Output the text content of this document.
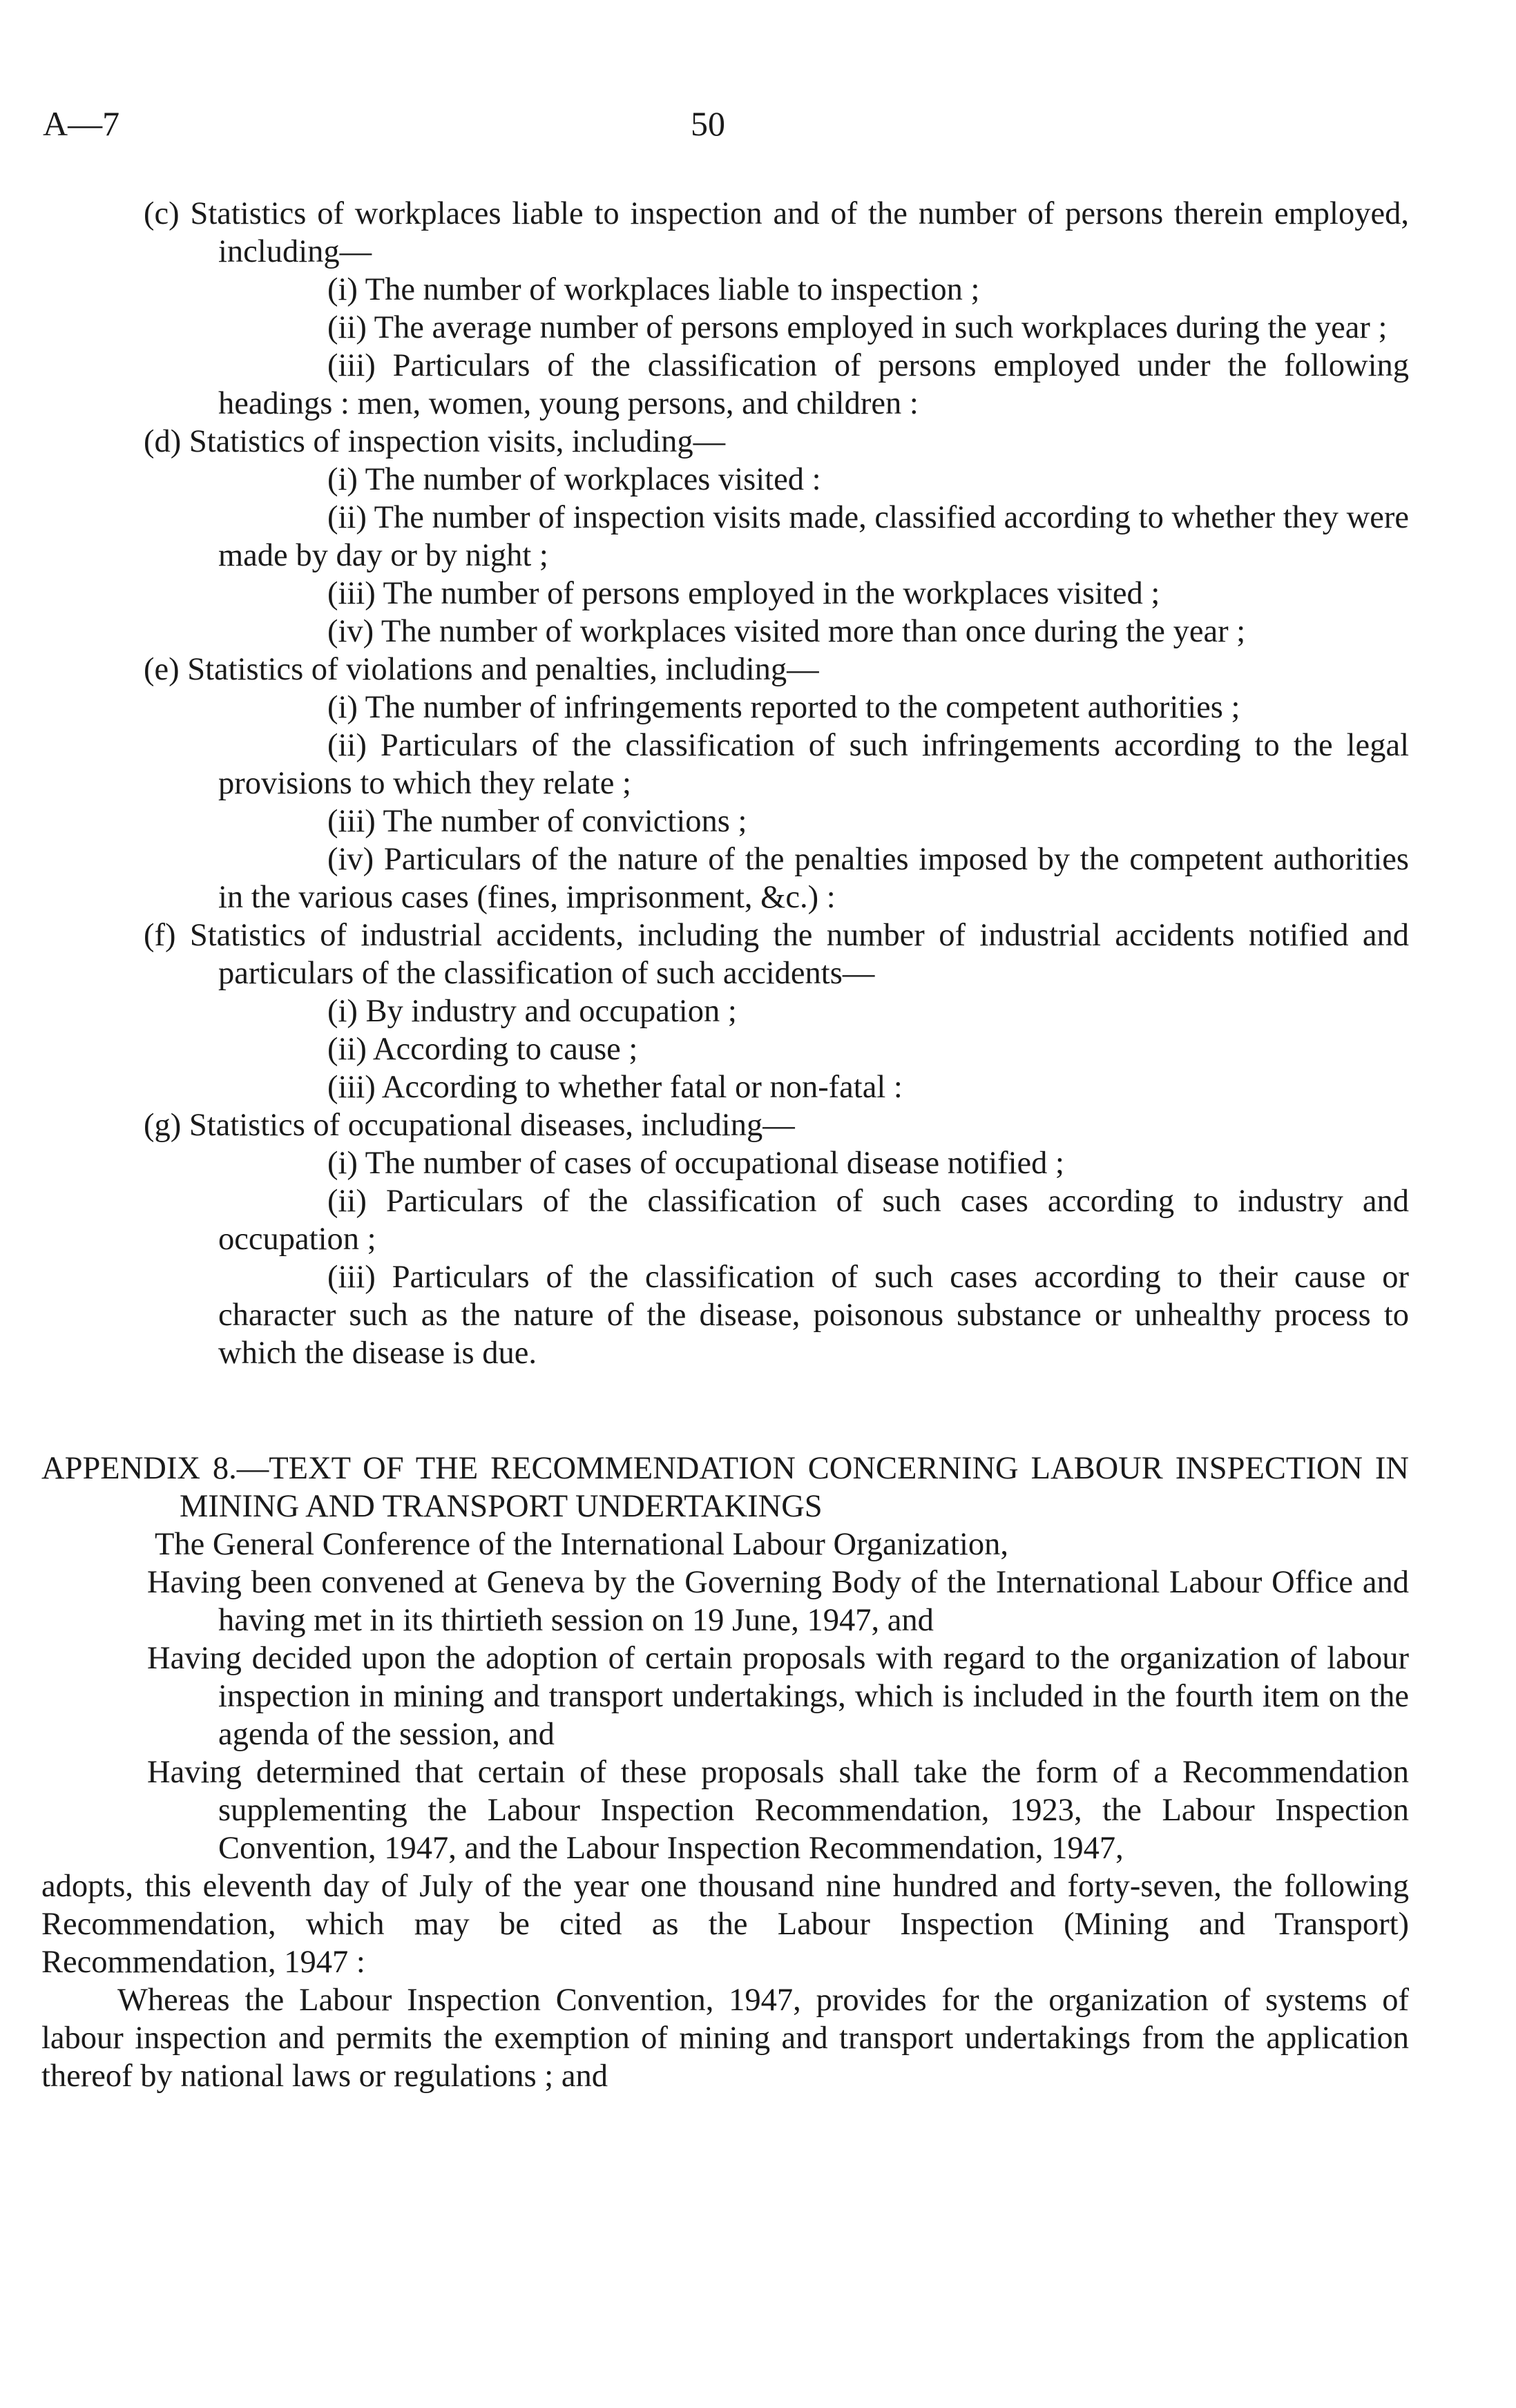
A—7	50

(c) Statistics of workplaces liable to inspection and of the number of persons therein employed, including—

(i) The number of workplaces liable to inspection ;

(ii) The average number of persons employed in such workplaces during the year ;

(iii) Particulars of the classification of persons employed under the following headings : men, women, young persons, and children :

(d) Statistics of inspection visits, including—

(i) The number of workplaces visited :

(ii) The number of inspection visits made, classified according to whether they were made by day or by night ;

(iii) The number of persons employed in the workplaces visited ;

(iv) The number of workplaces visited more than once during the year ;

(e) Statistics of violations and penalties, including—

(i) The number of infringements reported to the competent authorities ;

(ii) Particulars of the classification of such infringements according to the legal provisions to which they relate ;

(iii) The number of convictions ;

(iv) Particulars of the nature of the penalties imposed by the competent authorities in the various cases (fines, imprisonment, &c.) :

(f) Statistics of industrial accidents, including the number of industrial accidents notified and particulars of the classification of such accidents—

(i) By industry and occupation ;

(ii) According to cause ;

(iii) According to whether fatal or non-fatal :

(g) Statistics of occupational diseases, including—

(i) The number of cases of occupational disease notified ;

(ii) Particulars of the classification of such cases according to industry and occupation ;

(iii) Particulars of the classification of such cases according to their cause or character such as the nature of the disease, poisonous substance or unhealthy process to which the disease is due.

APPENDIX 8.—TEXT OF THE RECOMMENDATION CONCERNING LABOUR INSPECTION IN MINING AND TRANSPORT UNDERTAKINGS

The General Conference of the International Labour Organization,

Having been convened at Geneva by the Governing Body of the International Labour Office and having met in its thirtieth session on 19 June, 1947, and

Having decided upon the adoption of certain proposals with regard to the organization of labour inspection in mining and transport undertakings, which is included in the fourth item on the agenda of the session, and

Having determined that certain of these proposals shall take the form of a Recommendation supplementing the Labour Inspection Recommendation, 1923, the Labour Inspection Convention, 1947, and the Labour Inspection Recommendation, 1947,

adopts, this eleventh day of July of the year one thousand nine hundred and forty-seven, the following Recommendation, which may be cited as the Labour Inspection (Mining and Transport) Recommendation, 1947 :

Whereas the Labour Inspection Convention, 1947, provides for the organization of systems of labour inspection and permits the exemption of mining and transport undertakings from the application thereof by national laws or regulations ; and
